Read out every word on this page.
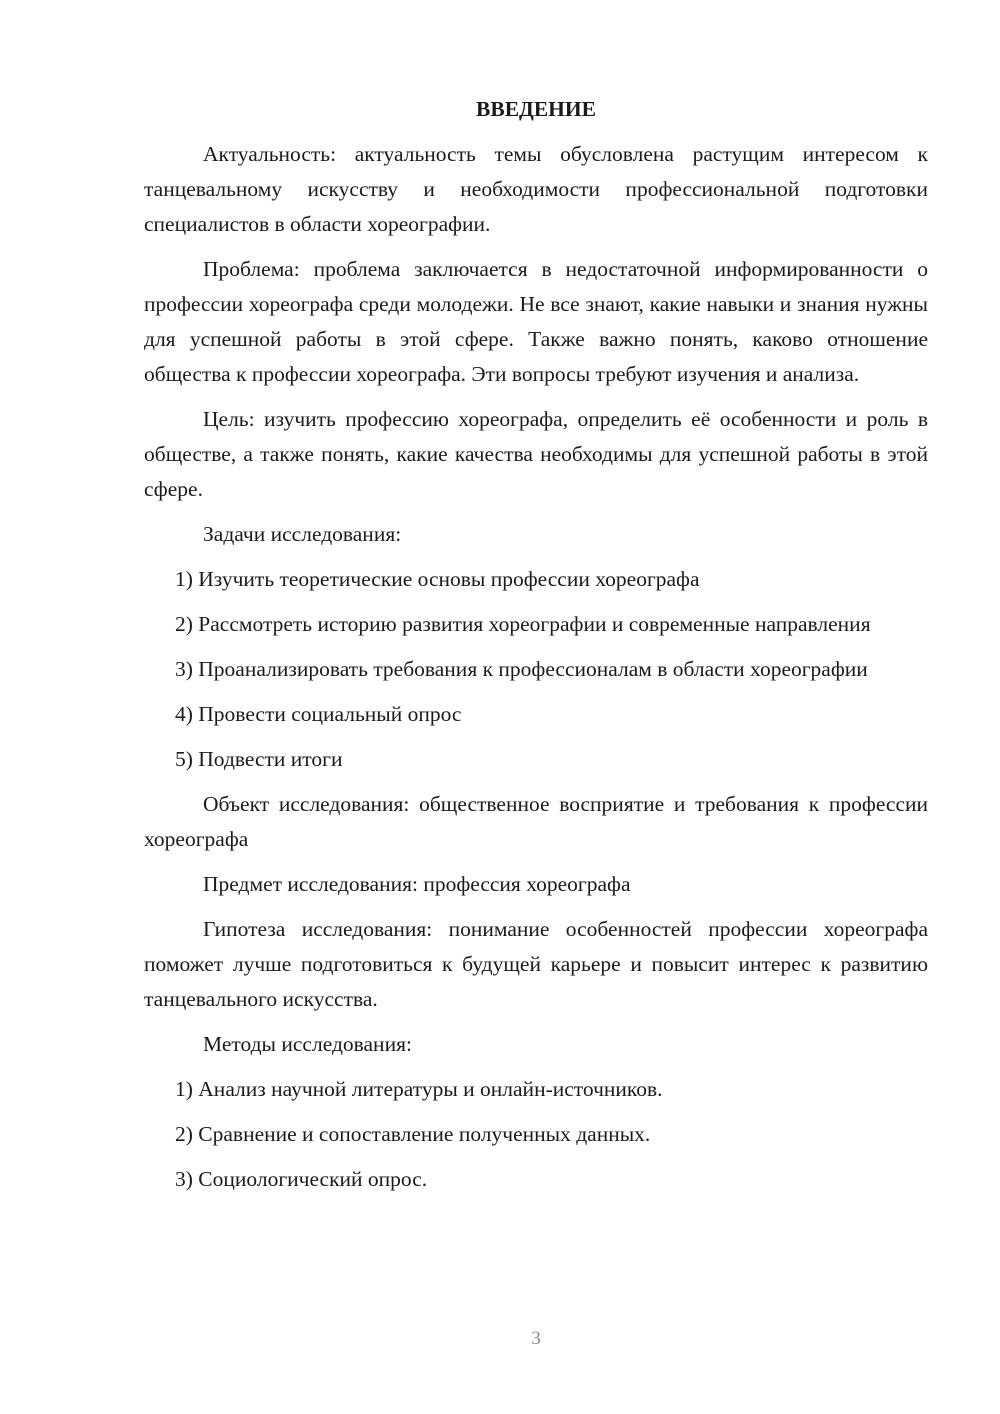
ВВЕДЕНИЕ

Актуальность: актуальность темы обусловлена растущим интересом к танцевальному искусству и необходимости профессиональной подготовки специалистов в области хореографии.

Проблема: проблема заключается в недостаточной информированности о профессии хореографа среди молодежи. Не все знают, какие навыки и знания нужны для успешной работы в этой сфере. Также важно понять, каково отношение общества к профессии хореографа. Эти вопросы требуют изучения и анализа.

Цель: изучить профессию хореографа, определить её особенности и роль в обществе, а также понять, какие качества необходимы для успешной работы в этой сфере.

Задачи исследования:

1) Изучить теоретические основы профессии хореографа

2) Рассмотреть историю развития хореографии и современные направления

3) Проанализировать требования к профессионалам в области хореографии

4) Провести социальный опрос

5) Подвести итоги

Объект исследования: общественное восприятие и требования к профессии хореографа

Предмет исследования: профессия хореографа

Гипотеза исследования: понимание особенностей профессии хореографа поможет лучше подготовиться к будущей карьере и повысит интерес к развитию танцевального искусства.

Методы исследования:

1) Анализ научной литературы и онлайн-источников.

2) Сравнение и сопоставление полученных данных.

3) Социологический опрос.

3
